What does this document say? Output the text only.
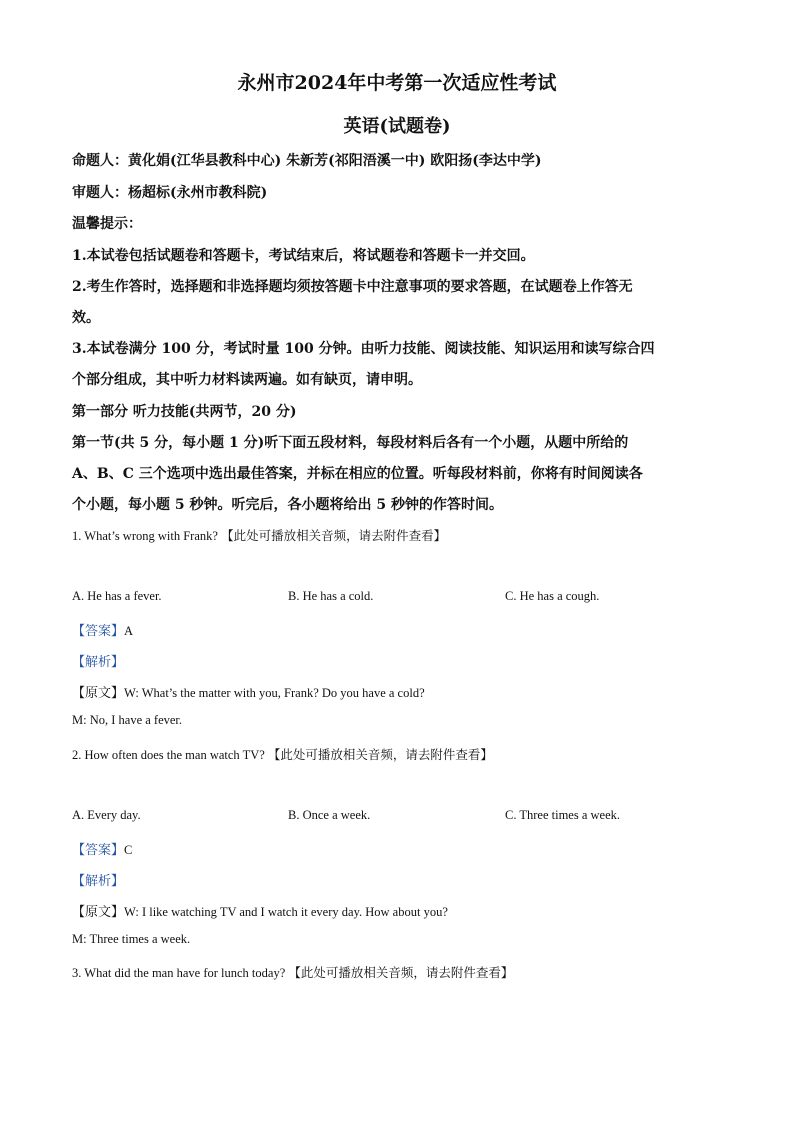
永州市2024年中考第一次适应性考试
英语(试题卷)
命题人：黄化娟(江华县教科中心) 朱新芳(祁阳浯溪一中) 欧阳扬(李达中学)
审题人：杨超标(永州市教科院)
温馨提示：
1.本试卷包括试题卷和答题卡，考试结束后，将试题卷和答题卡一并交回。
2.考生作答时，选择题和非选择题均须按答题卡中注意事项的要求答题，在试题卷上作答无
效。
3.本试卷满分 100 分，考试时量 100 分钟。由听力技能、阅读技能、知识运用和读写综合四
个部分组成，其中听力材料读两遍。如有缺页，请申明。
第一部分 听力技能(共两节，20 分)
第一节(共 5 分，每小题 1 分)听下面五段材料，每段材料后各有一个小题，从题中所给的
A、B、C 三个选项中选出最佳答案，并标在相应的位置。听每段材料前，你将有时间阅读各
个小题，每小题 5 秒钟。听完后，各小题将给出 5 秒钟的作答时间。
1. What’s wrong with Frank? 【此处可播放相关音频，请去附件查看】
A. He has a fever.	B. He has a cold.	C. He has a cough.
【答案】A
【解析】
【原文】W: What’s the matter with you, Frank? Do you have a cold?
M: No, I have a fever.
2. How often does the man watch TV? 【此处可播放相关音频，请去附件查看】
A. Every day.	B. Once a week.	C. Three times a week.
【答案】C
【解析】
【原文】W: I like watching TV and I watch it every day. How about you?
M: Three times a week.
3. What did the man have for lunch today? 【此处可播放相关音频，请去附件查看】
